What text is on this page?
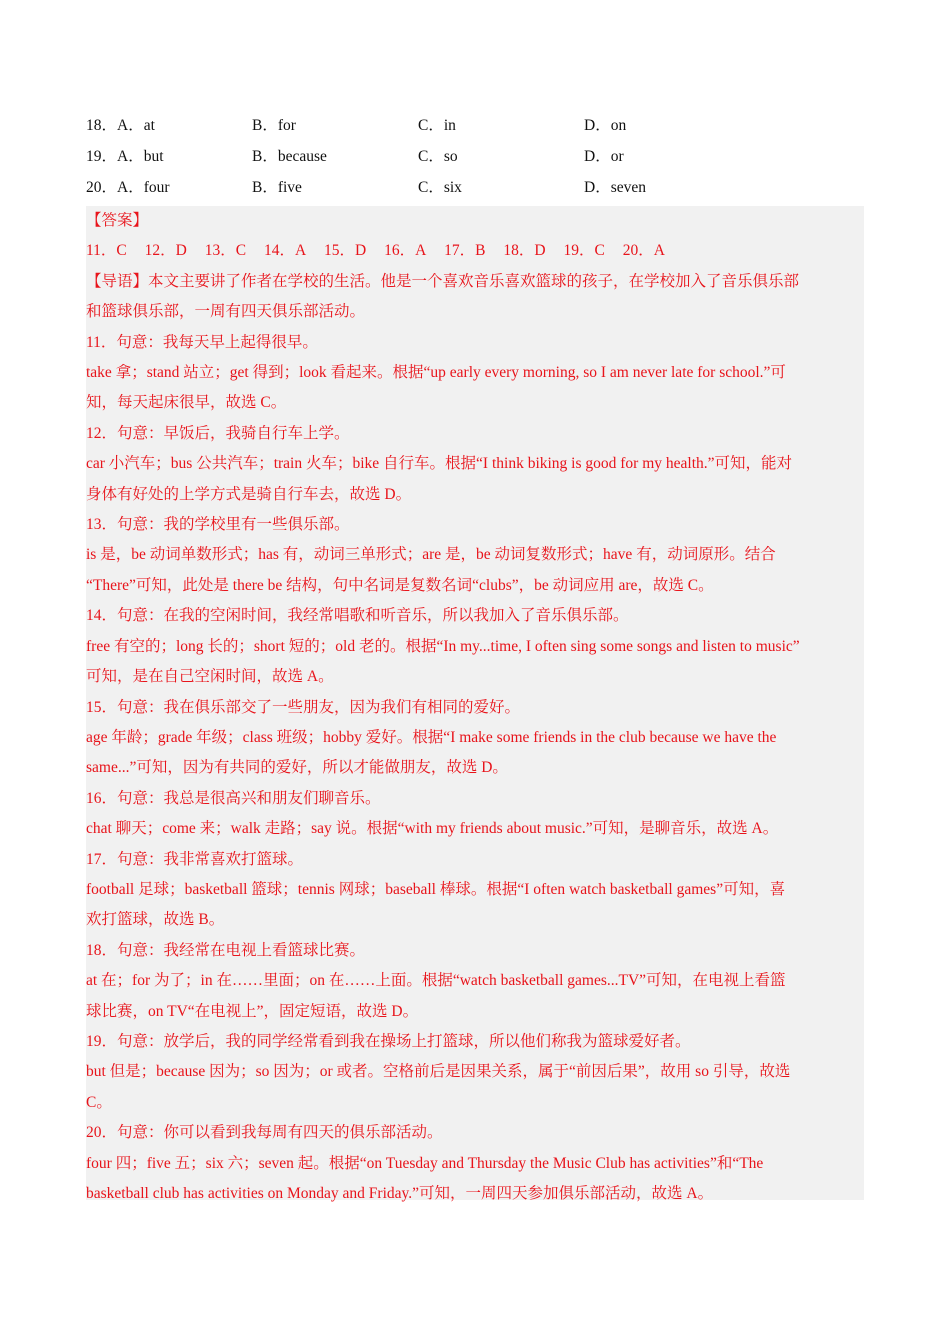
18．A．at	B．for	C．in	D．on
19．A．but	B．because	C．so	D．or
20．A．four	B．five	C．six	D．seven
【答案】
11．C 12．D 13．C 14．A 15．D 16．A 17．B 18．D 19．C 20．A
【导语】本文主要讲了作者在学校的生活。他是一个喜欢音乐喜欢篮球的孩子，在学校加入了音乐俱乐部
和篮球俱乐部，一周有四天俱乐部活动。
11．句意：我每天早上起得很早。
take 拿；stand 站立；get 得到；look 看起来。根据“up early every morning, so I am never late for school.”可
知，每天起床很早，故选 C。
12．句意：早饭后，我骑自行车上学。
car 小汽车；bus 公共汽车；train 火车；bike 自行车。根据“I think biking is good for my health.”可知，能对
身体有好处的上学方式是骑自行车去，故选 D。
13．句意：我的学校里有一些俱乐部。
is 是，be 动词单数形式；has 有，动词三单形式；are 是，be 动词复数形式；have 有，动词原形。结合
“There”可知，此处是 there be 结构，句中名词是复数名词“clubs”，be 动词应用 are，故选 C。
14．句意：在我的空闲时间，我经常唱歌和听音乐，所以我加入了音乐俱乐部。
free 有空的；long 长的；short 短的；old 老的。根据“In my...time, I often sing some songs and listen to music”
可知，是在自己空闲时间，故选 A。
15．句意：我在俱乐部交了一些朋友，因为我们有相同的爱好。
age 年龄；grade 年级；class 班级；hobby 爱好。根据“I make some friends in the club because we have the
same...”可知，因为有共同的爱好，所以才能做朋友，故选 D。
16．句意：我总是很高兴和朋友们聊音乐。
chat 聊天；come 来；walk 走路；say 说。根据“with my friends about music.”可知，是聊音乐，故选 A。
17．句意：我非常喜欢打篮球。
football 足球；basketball 篮球；tennis 网球；baseball 棒球。根据“I often watch basketball games”可知，喜
欢打篮球，故选 B。
18．句意：我经常在电视上看篮球比赛。
at 在；for 为了；in 在……里面；on 在……上面。根据“watch basketball games...TV”可知，在电视上看篮
球比赛，on TV“在电视上”，固定短语，故选 D。
19．句意：放学后，我的同学经常看到我在操场上打篮球，所以他们称我为篮球爱好者。
but 但是；because 因为；so 因为；or 或者。空格前后是因果关系，属于“前因后果”，故用 so 引导，故选
C。
20．句意：你可以看到我每周有四天的俱乐部活动。
four 四；five 五；six 六；seven 起。根据“on Tuesday and Thursday the Music Club has activities”和“The
basketball club has activities on Monday and Friday.”可知，一周四天参加俱乐部活动，故选 A。
